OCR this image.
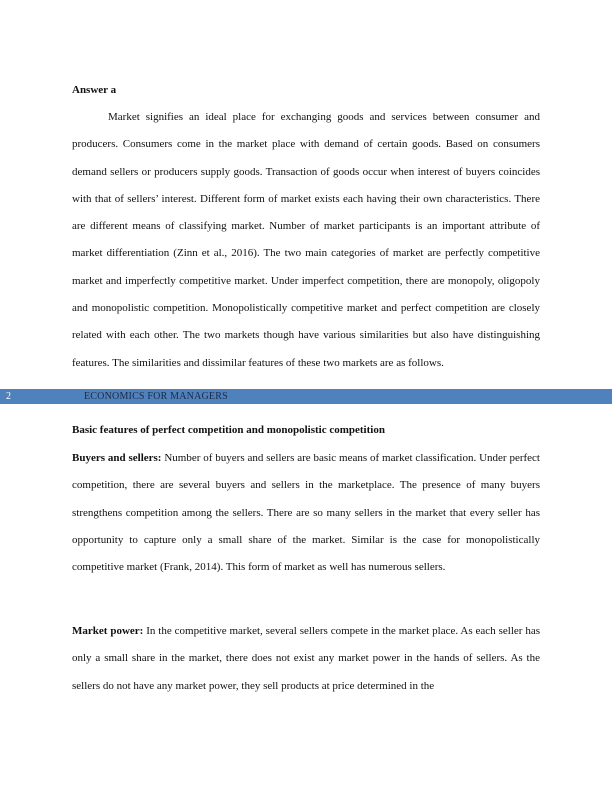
Answer a

Market signifies an ideal place for exchanging goods and services between consumer and producers. Consumers come in the market place with demand of certain goods. Based on consumers demand sellers or producers supply goods. Transaction of goods occur when interest of buyers coincides with that of sellers’ interest. Different form of market exists each having their own characteristics. There are different means of classifying market. Number of market participants is an important attribute of market differentiation (Zinn et al., 2016). The two main categories of market are perfectly competitive market and imperfectly competitive market. Under imperfect competition, there are monopoly, oligopoly and monopolistic competition. Monopolistically competitive market and perfect competition are closely related with each other. The two markets though have various similarities but also have distinguishing features. The similarities and dissimilar features of these two markets are as follows.

2	ECONOMICS FOR MANAGERS
Basic features of perfect competition and monopolistic competition

Buyers and sellers: Number of buyers and sellers are basic means of market classification. Under perfect competition, there are several buyers and sellers in the marketplace. The presence of many buyers strengthens competition among the sellers. There are so many sellers in the market that every seller has opportunity to capture only a small share of the market. Similar is the case for monopolistically competitive market (Frank, 2014). This form of market as well has numerous sellers.

Market power: In the competitive market, several sellers compete in the market place. As each seller has only a small share in the market, there does not exist any market power in the hands of sellers. As the sellers do not have any market power, they sell products at price determined in the
